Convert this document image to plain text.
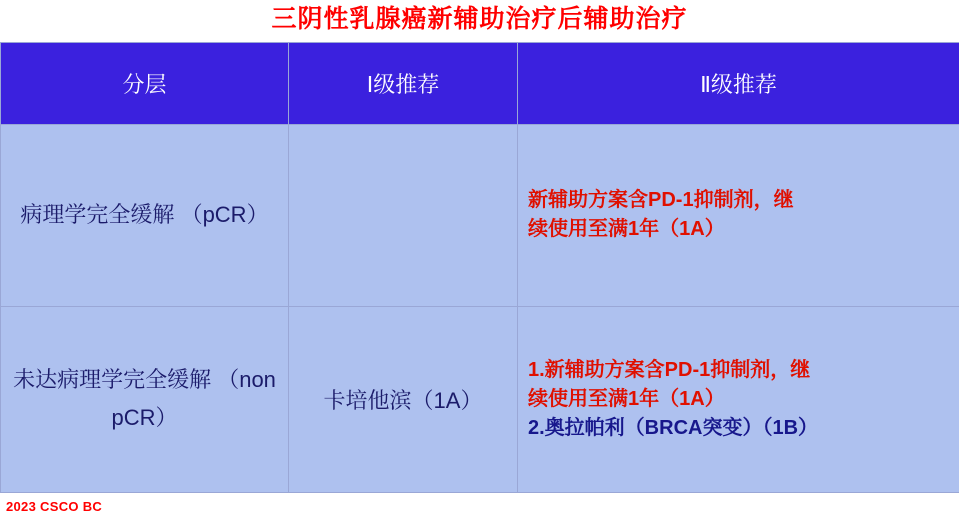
三阴性乳腺癌新辅助治疗后辅助治疗
分层	Ⅰ级推荐	Ⅱ级推荐
病理学完全缓解 （pCR）		新辅助方案含PD-1抑制剂，继
续使用至满1年（1A）

未达病理学完全缓解 （non pCR）	卡培他滨（1A）	1.新辅助方案含PD-1抑制剂，继
续使用至满1年（1A）
2.奥拉帕利（BRCA突变）（1B）
2023 CSCO BC
